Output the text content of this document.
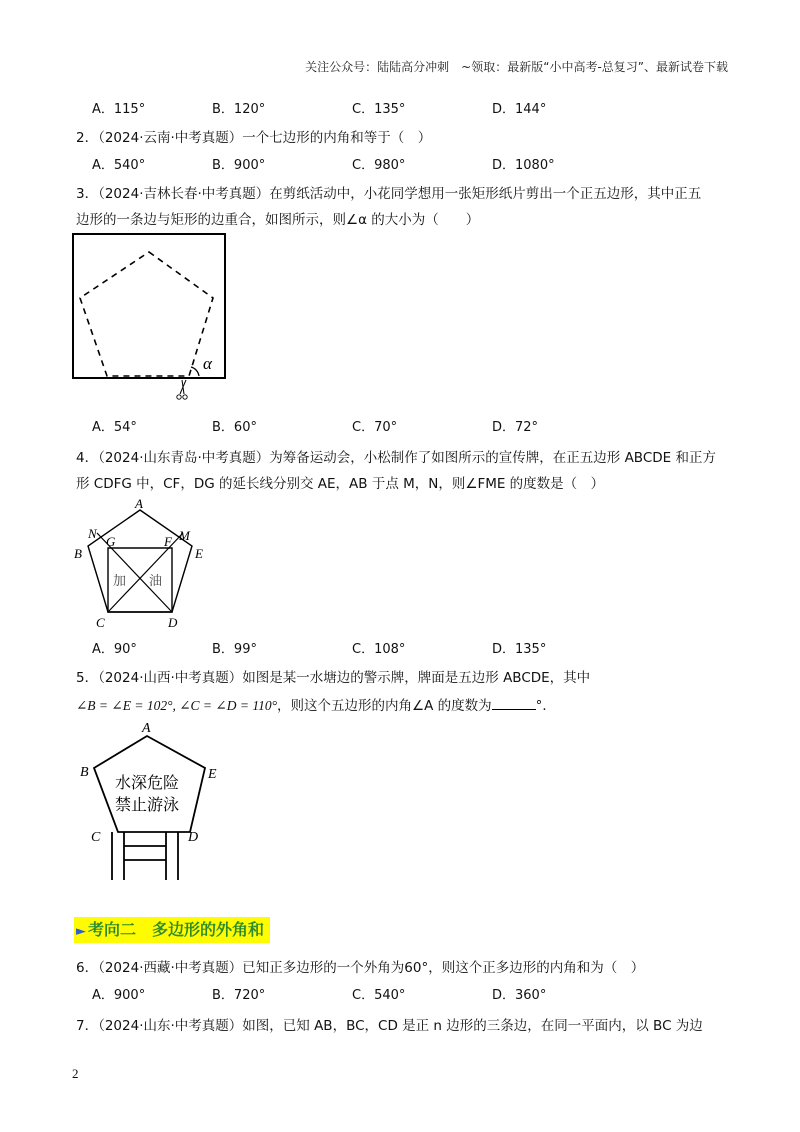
关注公众号：陆陆高分冲刺　~领取：最新版“小中高考-总复习”、最新试卷下载
A．115°	B．120°	C．135°	D．144°
2．（2024·云南·中考真题）一个七边形的内角和等于（　）
A．540°	B．900°	C．980°	D．1080°
3．（2024·吉林长春·中考真题）在剪纸活动中，小花同学想用一张矩形纸片剪出一个正五边形，其中正五
边形的一条边与矩形的边重合，如图所示，则∠α 的大小为（　　）
α
A．54°	B．60°	C．70°	D．72°
4．（2024·山东青岛·中考真题）为筹备运动会，小松制作了如图所示的宣传牌，在正五边形 ABCDE 和正方
形 CDFG 中，CF，DG 的延长线分别交 AE，AB 于点 M，N，则∠FME 的度数是（　）
A
N
G	F M
B	E
C	D
加 油
A．90°	B．99°	C．108°	D．135°
5．（2024·山西·中考真题）如图是某一水塘边的警示牌，牌面是五边形 ABCDE，其中
∠B = ∠E = 102°, ∠C = ∠D = 110°，则这个五边形的内角∠A 的度数为	°．
A
B	E
C	D
水深危险
禁止游泳
► 考向二　多边形的外角和
6．（2024·西藏·中考真题）已知正多边形的一个外角为60°，则这个正多边形的内角和为（　）
A．900°	B．720°	C．540°	D．360°
7．（2024·山东·中考真题）如图，已知 AB，BC，CD 是正 n 边形的三条边，在同一平面内，以 BC 为边
2
